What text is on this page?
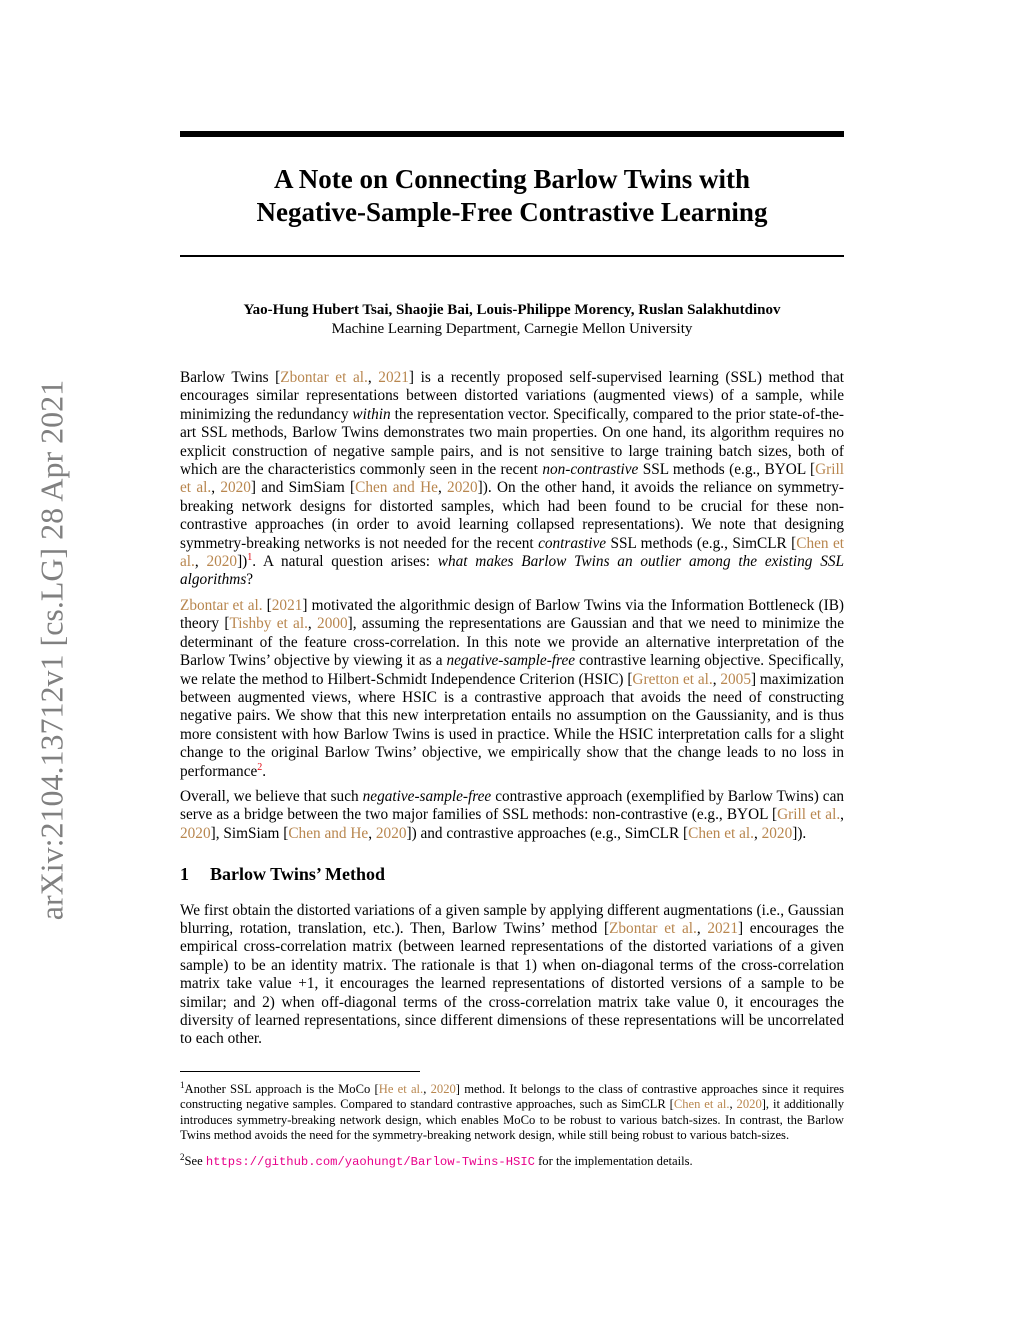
A Note on Connecting Barlow Twins with
Negative-Sample-Free Contrastive Learning
Yao-Hung Hubert Tsai, Shaojie Bai, Louis-Philippe Morency, Ruslan Salakhutdinov
Machine Learning Department, Carnegie Mellon University
arXiv:2104.13712v1 [cs.LG] 28 Apr 2021

Barlow Twins [Zbontar et al., 2021] is a recently proposed self-supervised learning (SSL) method that encourages similar representations between distorted variations (augmented views) of a sample, while minimizing the redundancy within the representation vector. Specifically, compared to the prior state-of-the-art SSL methods, Barlow Twins demonstrates two main properties. On one hand, its algorithm requires no explicit construction of negative sample pairs, and is not sensitive to large training batch sizes, both of which are the characteristics commonly seen in the recent non-contrastive SSL methods (e.g., BYOL [Grill et al., 2020] and SimSiam [Chen and He, 2020]). On the other hand, it avoids the reliance on symmetry-breaking network designs for distorted samples, which had been found to be crucial for these non-contrastive approaches (in order to avoid learning collapsed representations). We note that designing symmetry-breaking networks is not needed for the recent contrastive SSL methods (e.g., SimCLR [Chen et al., 2020])$^1$. A natural question arises: what makes Barlow Twins an outlier among the existing SSL algorithms?

Zbontar et al. [2021] motivated the algorithmic design of Barlow Twins via the Information Bottleneck (IB) theory [Tishby et al., 2000], assuming the representations are Gaussian and that we need to minimize the determinant of the feature cross-correlation. In this note we provide an alternative interpretation of the Barlow Twins’ objective by viewing it as a negative-sample-free contrastive learning objective. Specifically, we relate the method to Hilbert-Schmidt Independence Criterion (HSIC) [Gretton et al., 2005] maximization between augmented views, where HSIC is a contrastive approach that avoids the need of constructing negative pairs. We show that this new interpretation entails no assumption on the Gaussianity, and is thus more consistent with how Barlow Twins is used in practice. While the HSIC interpretation calls for a slight change to the original Barlow Twins’ objective, we empirically show that the change leads to no loss in performance$^2$.

Overall, we believe that such negative-sample-free contrastive approach (exemplified by Barlow Twins) can serve as a bridge between the two major families of SSL methods: non-contrastive (e.g., BYOL [Grill et al., 2020], SimSiam [Chen and He, 2020]) and contrastive approaches (e.g., SimCLR [Chen et al., 2020]).

1 Barlow Twins’ Method

We first obtain the distorted variations of a given sample by applying different augmentations (i.e., Gaussian blurring, rotation, translation, etc.). Then, Barlow Twins’ method [Zbontar et al., 2021] encourages the empirical cross-correlation matrix (between learned representations of the distorted variations of a given sample) to be an identity matrix. The rationale is that 1) when on-diagonal terms of the cross-correlation matrix take value +1, it encourages the learned representations of distorted versions of a sample to be similar; and 2) when off-diagonal terms of the cross-correlation matrix take value 0, it encourages the diversity of learned representations, since different dimensions of these representations will be uncorrelated to each other.

$^1$Another SSL approach is the MoCo [He et al., 2020] method. It belongs to the class of contrastive approaches since it requires constructing negative samples. Compared to standard contrastive approaches, such as SimCLR [Chen et al., 2020], it additionally introduces symmetry-breaking network design, which enables MoCo to be robust to various batch-sizes. In contrast, the Barlow Twins method avoids the need for the symmetry-breaking network design, while still being robust to various batch-sizes.

$^2$See https://github.com/yaohungt/Barlow-Twins-HSIC for the implementation details.
